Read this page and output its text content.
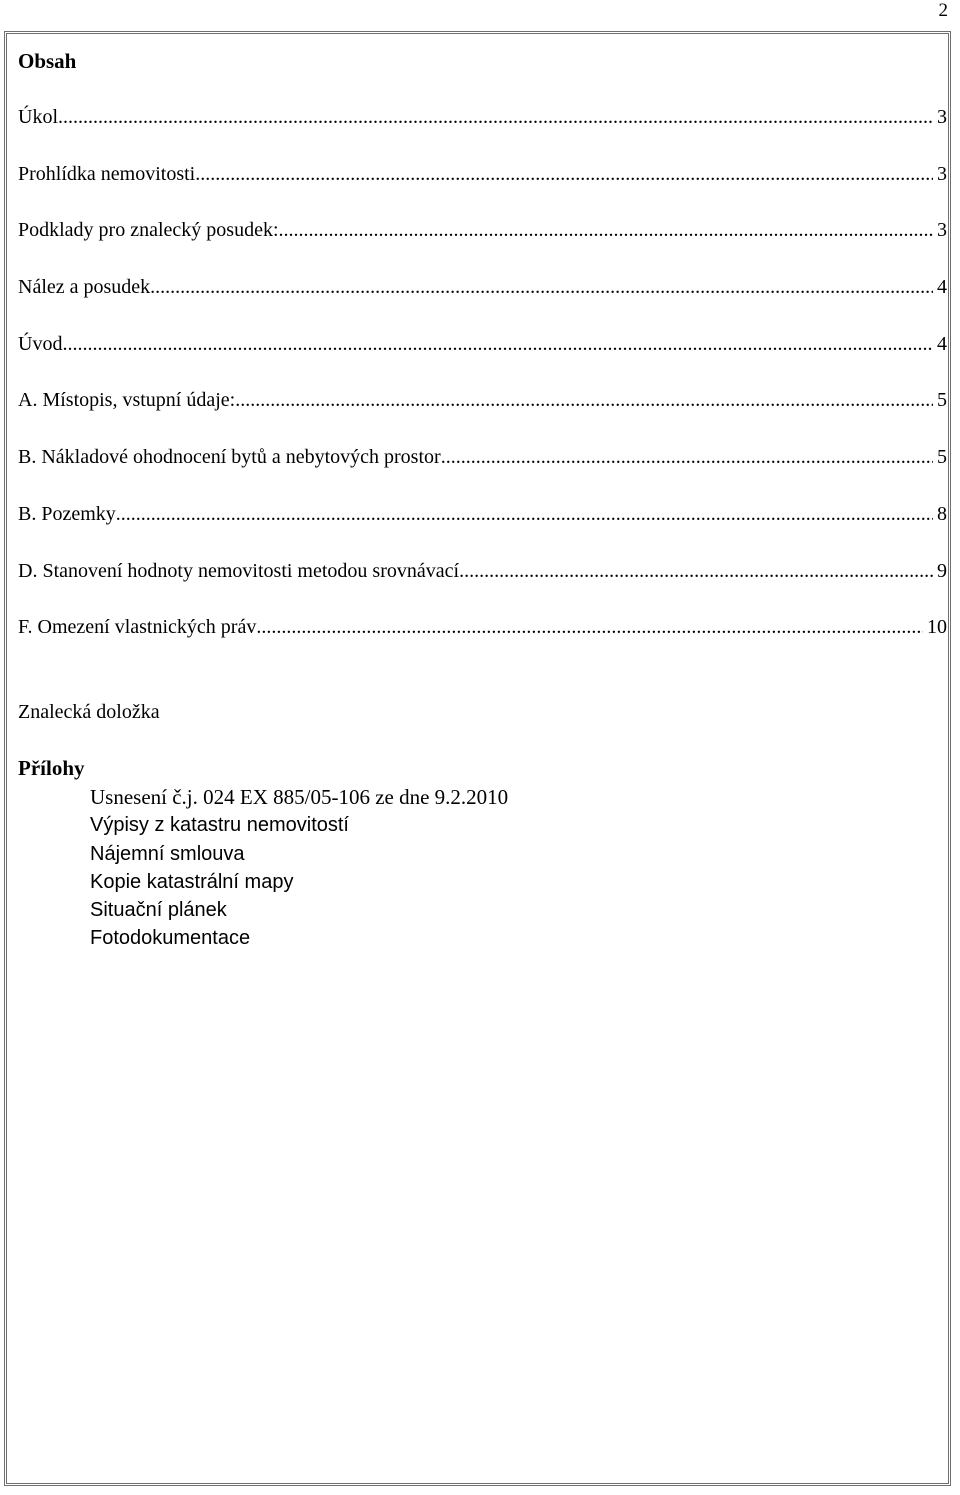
2
Obsah
Úkol .....	3
Prohlídka nemovitosti .....	3
Podklady pro znalecký posudek: .....	3
Nález a posudek .....	4
Úvod .....	4
A. Místopis, vstupní údaje: .....	5
B. Nákladové ohodnocení bytů a nebytových prostor .....	5
B. Pozemky .....	8
D. Stanovení hodnoty nemovitosti metodou srovnávací .....	9
F. Omezení vlastnických práv .....	10
Znalecká doložka
Přílohy
Usnesení č.j. 024 EX 885/05-106 ze dne 9.2.2010
Výpisy z katastru nemovitostí
Nájemní smlouva
Kopie katastrální mapy
Situační plánek
Fotodokumentace
